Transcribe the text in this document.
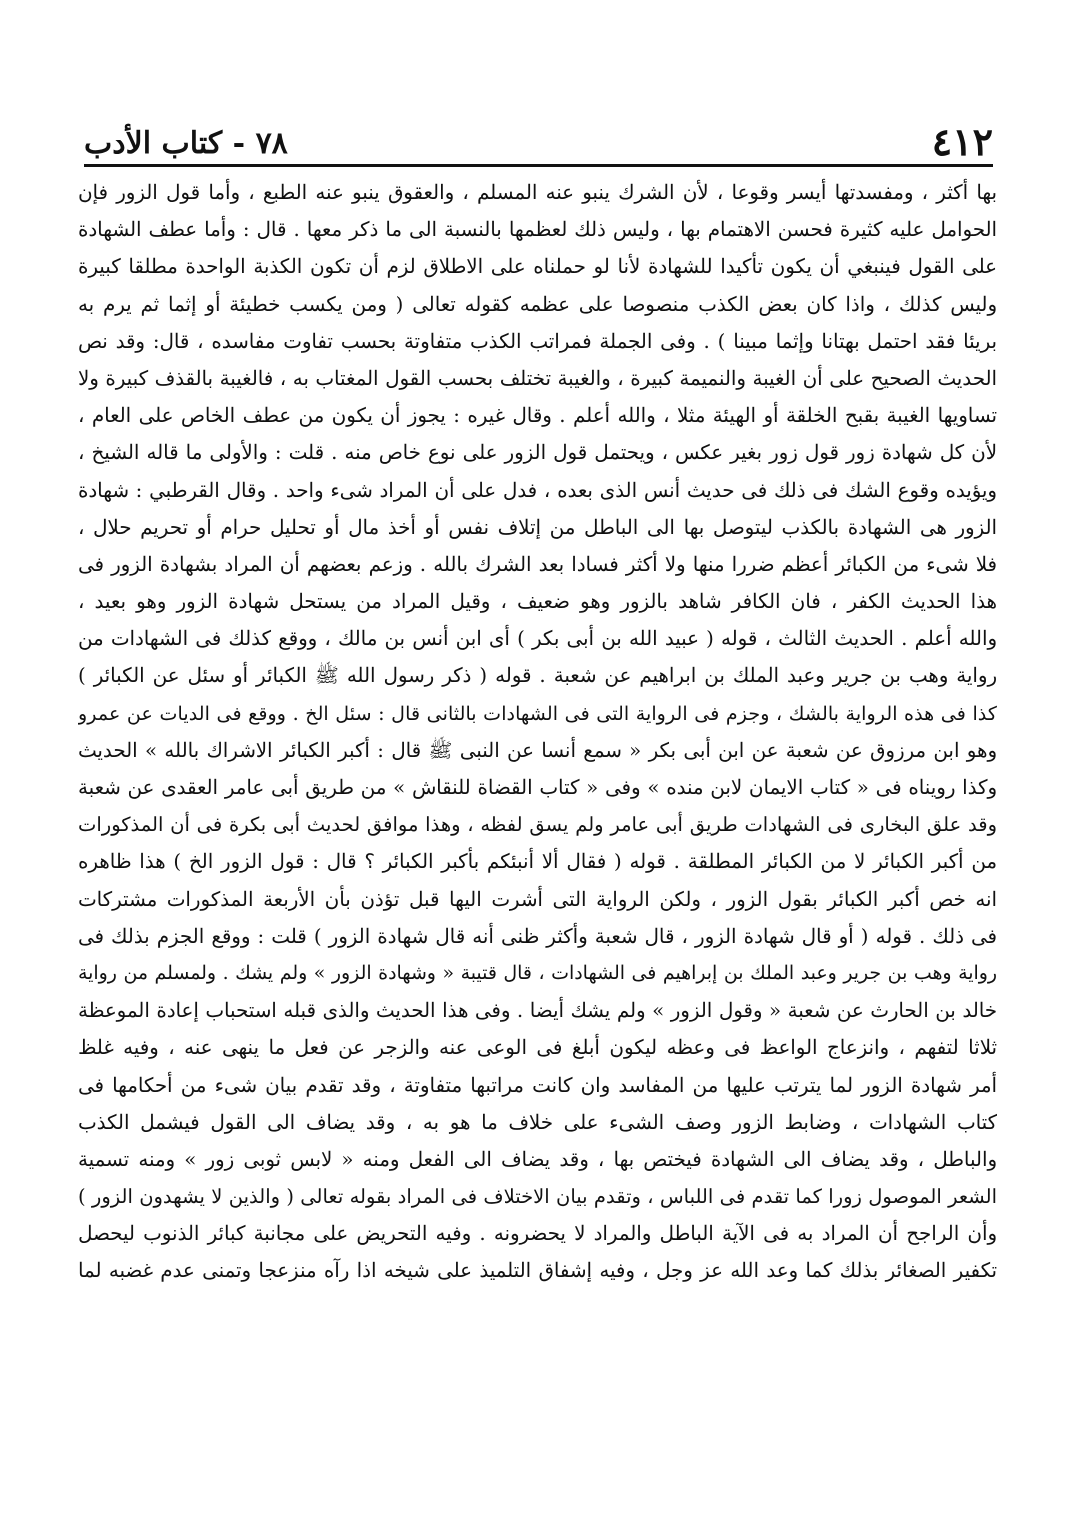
٤١٢
٧٨ - كتاب الأدب
بها أكثر ، ومفسدتها أيسر وقوعا ، لأن الشرك ينبو عنه المسلم ، والعقوق ينبو عنه الطبع ، وأما قول الزور فإن
الحوامل عليه كثيرة فحسن الاهتمام بها ، وليس ذلك لعظمها بالنسبة الى ما ذكر معها . قال : وأما عطف الشهادة
على القول فينبغي أن يكون تأكيدا للشهادة لأنا لو حملناه على الاطلاق لزم أن تكون الكذبة الواحدة مطلقا كبيرة
وليس كذلك ، واذا كان بعض الكذب منصوصا على عظمه كقوله تعالى ( ومن يكسب خطيئة أو إثما ثم يرم به
بريئا فقد احتمل بهتانا وإثما مبينا ) . وفى الجملة فمراتب الكذب متفاوتة بحسب تفاوت مفاسده ، قال: وقد نص
الحديث الصحيح على أن الغيبة والنميمة كبيرة ، والغيبة تختلف بحسب القول المغتاب به ، فالغيبة بالقذف كبيرة ولا
تساويها الغيبة بقبح الخلقة أو الهيئة مثلا ، والله أعلم . وقال غيره : يجوز أن يكون من عطف الخاص على العام ،
لأن كل شهادة زور قول زور بغير عكس ، ويحتمل قول الزور على نوع خاص منه . قلت : والأولى ما قاله الشيخ ،
ويؤيده وقوع الشك فى ذلك فى حديث أنس الذى بعده ، فدل على أن المراد شىء واحد . وقال القرطبي : شهادة
الزور هى الشهادة بالكذب ليتوصل بها الى الباطل من إتلاف نفس أو أخذ مال أو تحليل حرام أو تحريم حلال ،
فلا شىء من الكبائر أعظم ضررا منها ولا أكثر فسادا بعد الشرك بالله . وزعم بعضهم أن المراد بشهادة الزور فى
هذا الحديث الكفر ، فان الكافر شاهد بالزور وهو ضعيف ، وقيل المراد من يستحل شهادة الزور وهو بعيد ،
والله أعلم . الحديث الثالث ، قوله ( عبيد الله بن أبى بكر ) أى ابن أنس بن مالك ، ووقع كذلك فى الشهادات من
رواية وهب بن جرير وعبد الملك بن ابراهيم عن شعبة . قوله ( ذكر رسول الله ﷺ الكبائر أو سئل عن الكبائر )
كذا فى هذه الرواية بالشك ، وجزم فى الرواية التى فى الشهادات بالثانى قال : سئل الخ . ووقع فى الديات عن عمرو
وهو ابن مرزوق عن شعبة عن ابن أبى بكر « سمع أنسا عن النبى ﷺ قال : أكبر الكبائر الاشراك بالله » الحديث
وكذا رويناه فى « كتاب الايمان لابن منده » وفى « كتاب القضاة للنقاش » من طريق أبى عامر العقدى عن شعبة
وقد علق البخارى فى الشهادات طريق أبى عامر ولم يسق لفظه ، وهذا موافق لحديث أبى بكرة فى أن المذكورات
من أكبر الكبائر لا من الكبائر المطلقة . قوله ( فقال ألا أنبئكم بأكبر الكبائر ؟ قال : قول الزور الخ ) هذا ظاهره
انه خص أكبر الكبائر بقول الزور ، ولكن الرواية التى أشرت اليها قبل تؤذن بأن الأربعة المذكورات مشتركات
فى ذلك . قوله ( أو قال شهادة الزور ، قال شعبة وأكثر ظنى أنه قال شهادة الزور ) قلت : ووقع الجزم بذلك فى
رواية وهب بن جرير وعبد الملك بن إبراهيم فى الشهادات ، قال قتيبة « وشهادة الزور » ولم يشك . ولمسلم من رواية
خالد بن الحارث عن شعبة « وقول الزور » ولم يشك أيضا . وفى هذا الحديث والذى قبله استحباب إعادة الموعظة
ثلاثا لتفهم ، وانزعاج الواعظ فى وعظه ليكون أبلغ فى الوعى عنه والزجر عن فعل ما ينهى عنه ، وفيه غلظ
أمر شهادة الزور لما يترتب عليها من المفاسد وان كانت مراتبها متفاوتة ، وقد تقدم بيان شىء من أحكامها فى
كتاب الشهادات ، وضابط الزور وصف الشىء على خلاف ما هو به ، وقد يضاف الى القول فيشمل الكذب
والباطل ، وقد يضاف الى الشهادة فيختص بها ، وقد يضاف الى الفعل ومنه « لابس ثوبى زور » ومنه تسمية
الشعر الموصول زورا كما تقدم فى اللباس ، وتقدم بيان الاختلاف فى المراد بقوله تعالى ( والذين لا يشهدون الزور )
وأن الراجح أن المراد به فى الآية الباطل والمراد لا يحضرونه . وفيه التحريض على مجانبة كبائر الذنوب ليحصل
تكفير الصغائر بذلك كما وعد الله عز وجل ، وفيه إشفاق التلميذ على شيخه اذا رآه منزعجا وتمنى عدم غضبه لما
